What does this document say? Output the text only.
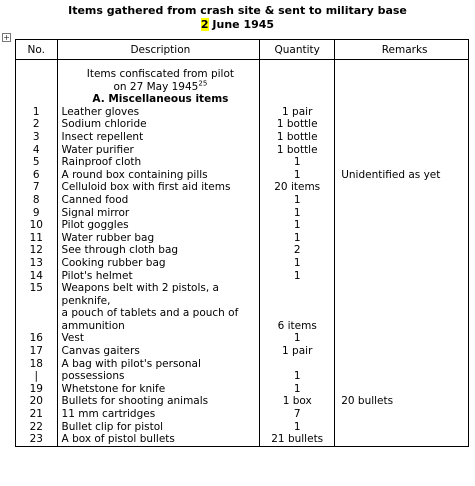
Items gathered from crash site & sent to military base
2 June 1945
+
No.	Description	Quantity	Remarks

	Items confiscated from pilot
on 27 May 1945$^{25}$

	A. Miscellaneous items		
1	Leather gloves	1 pair	
2	Sodium chloride	1 bottle	
3	Insect repellent	1 bottle	
4	Water purifier	1 bottle	
5	Rainproof cloth	1	
6	A round box containing pills	1	Unidentified as yet
7	Celluloid box with first aid items	20 items	
8	Canned food	1	
9	Signal mirror	1	
10	Pilot goggles	1	
11	Water rubber bag	1	
12	See through cloth bag	2	
13	Cooking rubber bag	1	
14	Pilot's helmet	1	
15	Weapons belt with 2 pistols, a penknife,		
	a pouch of tablets and a pouch of		
	ammunition	6 items	
16	Vest	1	
17	Canvas gaiters	1 pair	
18	A bag with pilot's personal		
|	possessions	1	
19	Whetstone for knife	1	
20	Bullets for shooting animals	1 box	20 bullets
21	11 mm cartridges	7	
22	Bullet clip for pistol	1	
23	A box of pistol bullets	21 bullets	
